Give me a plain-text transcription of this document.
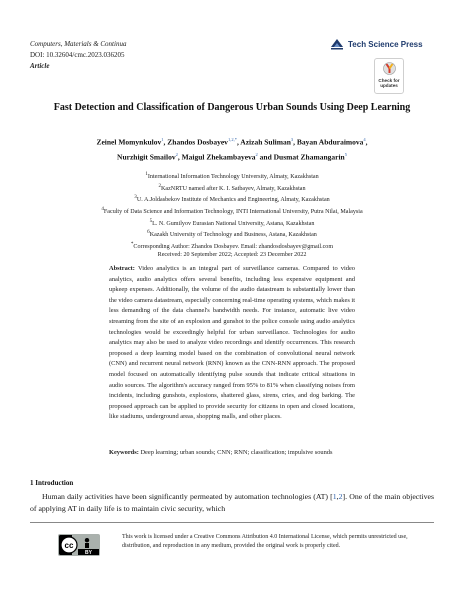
Computers, Materials & Continua
DOI: 10.32604/cmc.2023.036205
Article
Tech Science Press
Check for
updates
Fast Detection and Classification of Dangerous Urban Sounds Using Deep Learning
Zeinel Momynkulov$^1$, Zhandos Dosbayev$^{1,2,*}$, Azizah Suliman$^3$, Bayan Abduraimova$^4$,
Nurzhigit Smailov$^2$, Maigul Zhekambayeva$^2$ and Dusmat Zhamangarin$^5$
$^1$International Information Technology University, Almaty, Kazakhstan
$^2$KazNRTU named after K. I. Satbayev, Almaty, Kazakhstan
$^3$U. A.Joldasbekov Institute of Mechanics and Engineering, Almaty, Kazakhstan
$^4$Faculty of Data Science and Information Technology, INTI International University, Putra Nilai, Malaysia
$^5$L. N. Gumilyov Eurasian National University, Astana, Kazakhstan
$^6$Kazakh University of Technology and Business, Astana, Kazakhstan
*Corresponding Author: Zhandos Dosbayev. Email: zhandosdosbayev@gmail.com
Received: 20 September 2022; Accepted: 23 December 2022
Abstract: Video analytics is an integral part of surveillance cameras. Compared to video analytics, audio analytics offers several benefits, including less expensive equipment and upkeep expenses. Additionally, the volume of the audio datastream is substantially lower than the video camera datastream, especially concerning real-time operating systems, which makes it less demanding of the data channel's bandwidth needs. For instance, automatic live video streaming from the site of an explosion and gunshot to the police console using audio analytics technologies would be exceedingly helpful for urban surveillance. Technologies for audio analytics may also be used to analyze video recordings and identify occurrences. This research proposed a deep learning model based on the combination of convolutional neural network (CNN) and recurrent neural network (RNN) known as the CNN-RNN approach. The proposed model focused on automatically identifying pulse sounds that indicate critical situations in audio sources. The algorithm's accuracy ranged from 95% to 81% when classifying noises from incidents, including gunshots, explosions, shattered glass, sirens, cries, and dog barking. The proposed approach can be applied to provide security for citizens in open and closed locations, like stadiums, underground areas, shopping malls, and other places.
Keywords: Deep learning; urban sounds; CNN; RNN; classification; impulsive sounds
1 Introduction
Human daily activities have been significantly permeated by automation technologies (AT) [1,2]. One of the main objectives of applying AT in daily life is to maintain civic security, which
cc
BY
This work is licensed under a Creative Commons Attribution 4.0 International License, which permits unrestricted use, distribution, and reproduction in any medium, provided the original work is properly cited.
